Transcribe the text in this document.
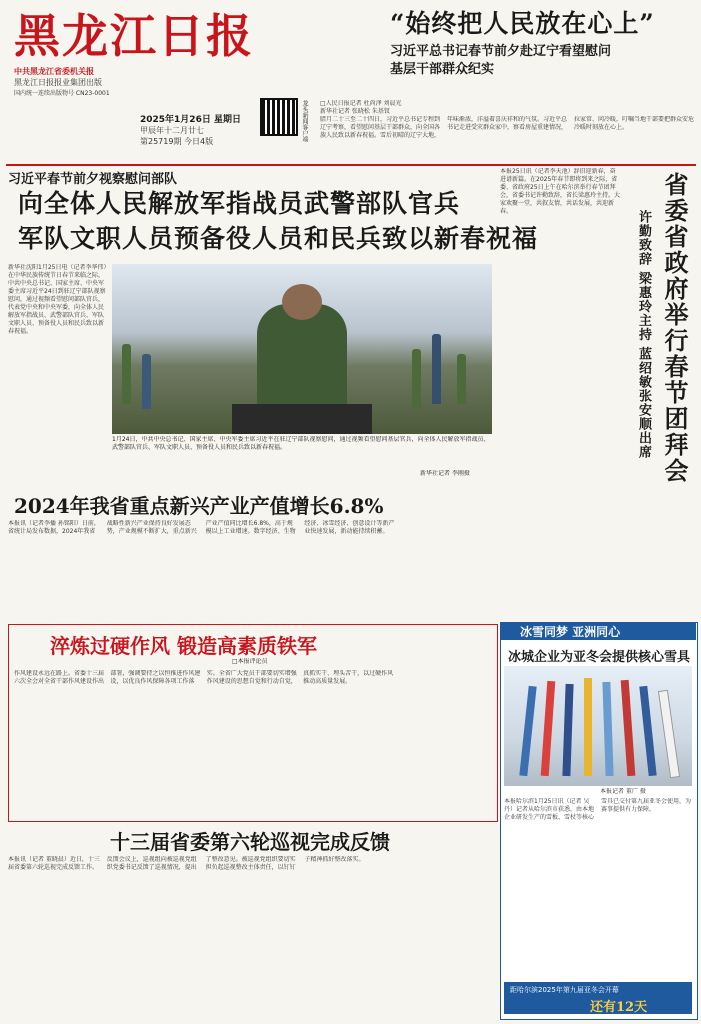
黑龙江日报
中共黑龙江省委机关报
黑龙江日报报业集团出版
国内统一连续出版物号 CN23-0001
2025年1月26日 星期日
甲辰年十二月廿七
第25719期 今日4版	龙头新闻客户端
“始终把人民放在心上”
习近平总书记春节前夕赴辽宁看望慰问
基层干部群众纪实
□人民日报记者 杜尚泽 刘晨光
新华社记者 张晓松 朱基钗
腊月二十三至二十四日，习近平总书记专程到辽宁考察，看望慰问基层干部群众，向全国各族人民致以新春祝福。雪后初晴的辽宁大地，年味渐浓，洋溢着喜庆祥和的气氛。习近平总书记走进受灾群众家中，察看房屋重建情况，拉家常、问冷暖，叮嘱当地干部要把群众安危冷暖时刻放在心上。
习近平春节前夕视察慰问部队
向全体人民解放军指战员武警部队官兵
军队文职人员预备役人员和民兵致以新春祝福
新华社沈阳1月25日电（记者李华伟）在中华民族传统节日春节来临之际，中共中央总书记、国家主席、中央军委主席习近平24日到驻辽宁部队视察慰问，通过视频看望慰问部队官兵，代表党中央和中央军委，向全体人民解放军指战员、武警部队官兵、军队文职人员、预备役人员和民兵致以新春祝福。
1月24日，中共中央总书记、国家主席、中央军委主席习近平在驻辽宁部队视察慰问，通过视频看望慰问基层官兵，向全体人民解放军指战员、武警部队官兵、军队文职人员、预备役人员和民兵致以新春祝福。
新华社记者 李刚摄
2024年我省重点新兴产业产值增长6.8%
本报讯（记者李播 孙铭阳）日前，省统计局发布数据，2024年我省战略性新兴产业保持良好发展态势，产业规模不断扩大，重点新兴产业产值同比增长6.8%，高于规模以上工业增速。数字经济、生物经济、冰雪经济、创意设计等新产业快速发展，新动能持续积蓄。
本报25日讯（记者李天池）辞旧迎新春，奋进谱新篇。在2025年春节即将到来之际，省委、省政府25日上午在哈尔滨举行春节团拜会，省委书记许勤致辞，省长梁惠玲主持。大家欢聚一堂，共叙友情，共话发展，共迎新春。	省委省政府举行春节团拜会
许勤致辞 梁惠玲主持 蓝绍敏张安顺出席
淬炼过硬作风 锻造高素质铁军
□本报评论员
作风建设永远在路上。省委十三届六次全会对全省干部作风建设作出部署，强调要持之以恒推进作风建设，以优良作风保障各项工作落实。全省广大党员干部要切实增强作风建设的思想自觉和行动自觉，真抓实干、埋头苦干，以过硬作风推动高质量发展。
十三届省委第六轮巡视完成反馈
本报讯（记者 董晓晨）近日，十三届省委第六轮巡视完成反馈工作。反馈会议上，巡视组向被巡视党组织党委书记反馈了巡视情况，提出了整改意见。被巡视党组织要切实担负起巡视整改主体责任，以钉钉子精神抓好整改落实。
冰雪同梦 亚洲同心
冰城企业为亚冬会提供核心雪具
本报记者 董广 摄
本报哈尔滨1月25日讯（记者 吴丹）记者从哈尔滨市获悉，由本地企业研发生产的雪板、雪杖等核心雪具已交付第九届亚冬会使用，为赛事提供有力保障。
距哈尔滨2025年第九届亚冬会开幕
还有12天
